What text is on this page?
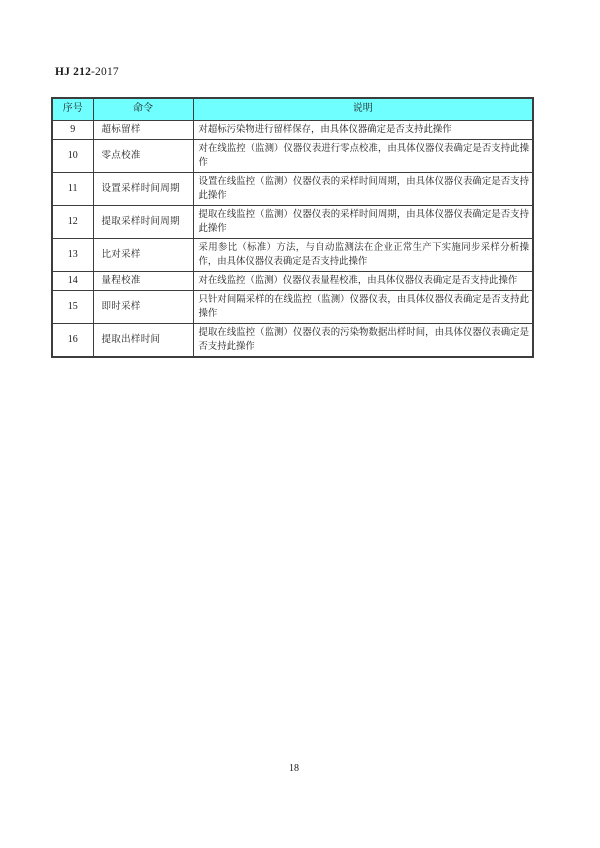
HJ 212-2017
序号	命令	说明
9	超标留样	对超标污染物进行留样保存，由具体仪器确定是否支持此操作
10	零点校准	对在线监控（监测）仪器仪表进行零点校准，由具体仪器仪表确定是否支持此操作
11	设置采样时间周期	设置在线监控（监测）仪器仪表的采样时间周期，由具体仪器仪表确定是否支持此操作
12	提取采样时间周期	提取在线监控（监测）仪器仪表的采样时间周期，由具体仪器仪表确定是否支持此操作
13	比对采样	采用参比（标准）方法，与自动监测法在企业正常生产下实施同步采样分析操作，由具体仪器仪表确定是否支持此操作
14	量程校准	对在线监控（监测）仪器仪表量程校准，由具体仪器仪表确定是否支持此操作
15	即时采样	只针对间隔采样的在线监控（监测）仪器仪表，由具体仪器仪表确定是否支持此操作
16	提取出样时间	提取在线监控（监测）仪器仪表的污染物数据出样时间，由具体仪器仪表确定是否支持此操作
18
